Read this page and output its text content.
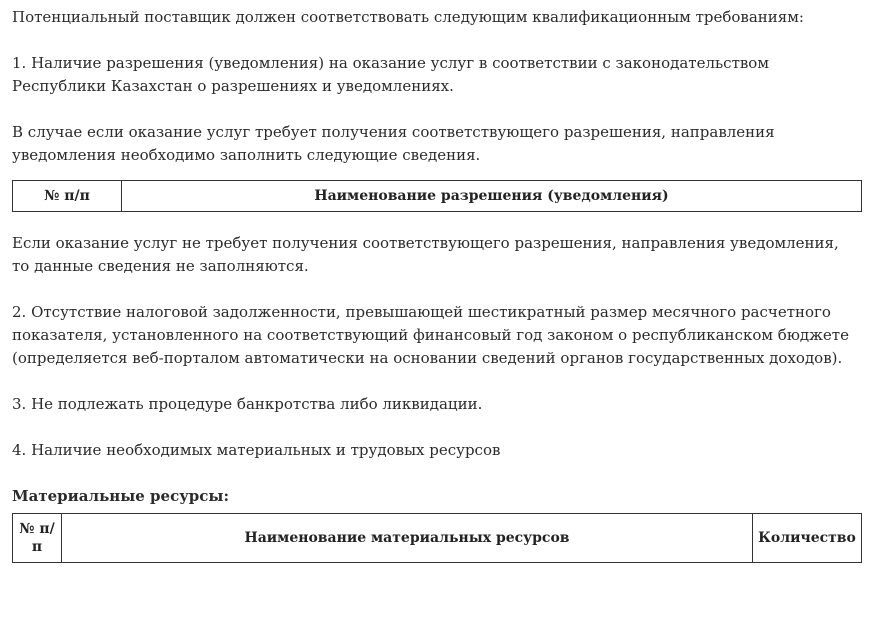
Потенциальный поставщик должен соответствовать следующим квалификационным требованиям:

1. Наличие разрешения (уведомления) на оказание услуг в соответствии с законодательством Республики Казахстан о разрешениях и уведомлениях.

В случае если оказание услуг требует получения соответствующего разрешения, направления уведомления необходимо заполнить следующие сведения.

№ п/п	Наименование разрешения (уведомления)

Если оказание услуг не требует получения соответствующего разрешения, направления уведомления, то данные сведения не заполняются.

2. Отсутствие налоговой задолженности, превышающей шестикратный размер месячного расчетного показателя, установленного на соответствующий финансовый год законом о республиканском бюджете (определяется веб-порталом автоматически на основании сведений органов государственных доходов).

3. Не подлежать процедуре банкротства либо ликвидации.

4. Наличие необходимых материальных и трудовых ресурсов

Материальные ресурсы:
№ п/п	Наименование материальных ресурсов	Количество
